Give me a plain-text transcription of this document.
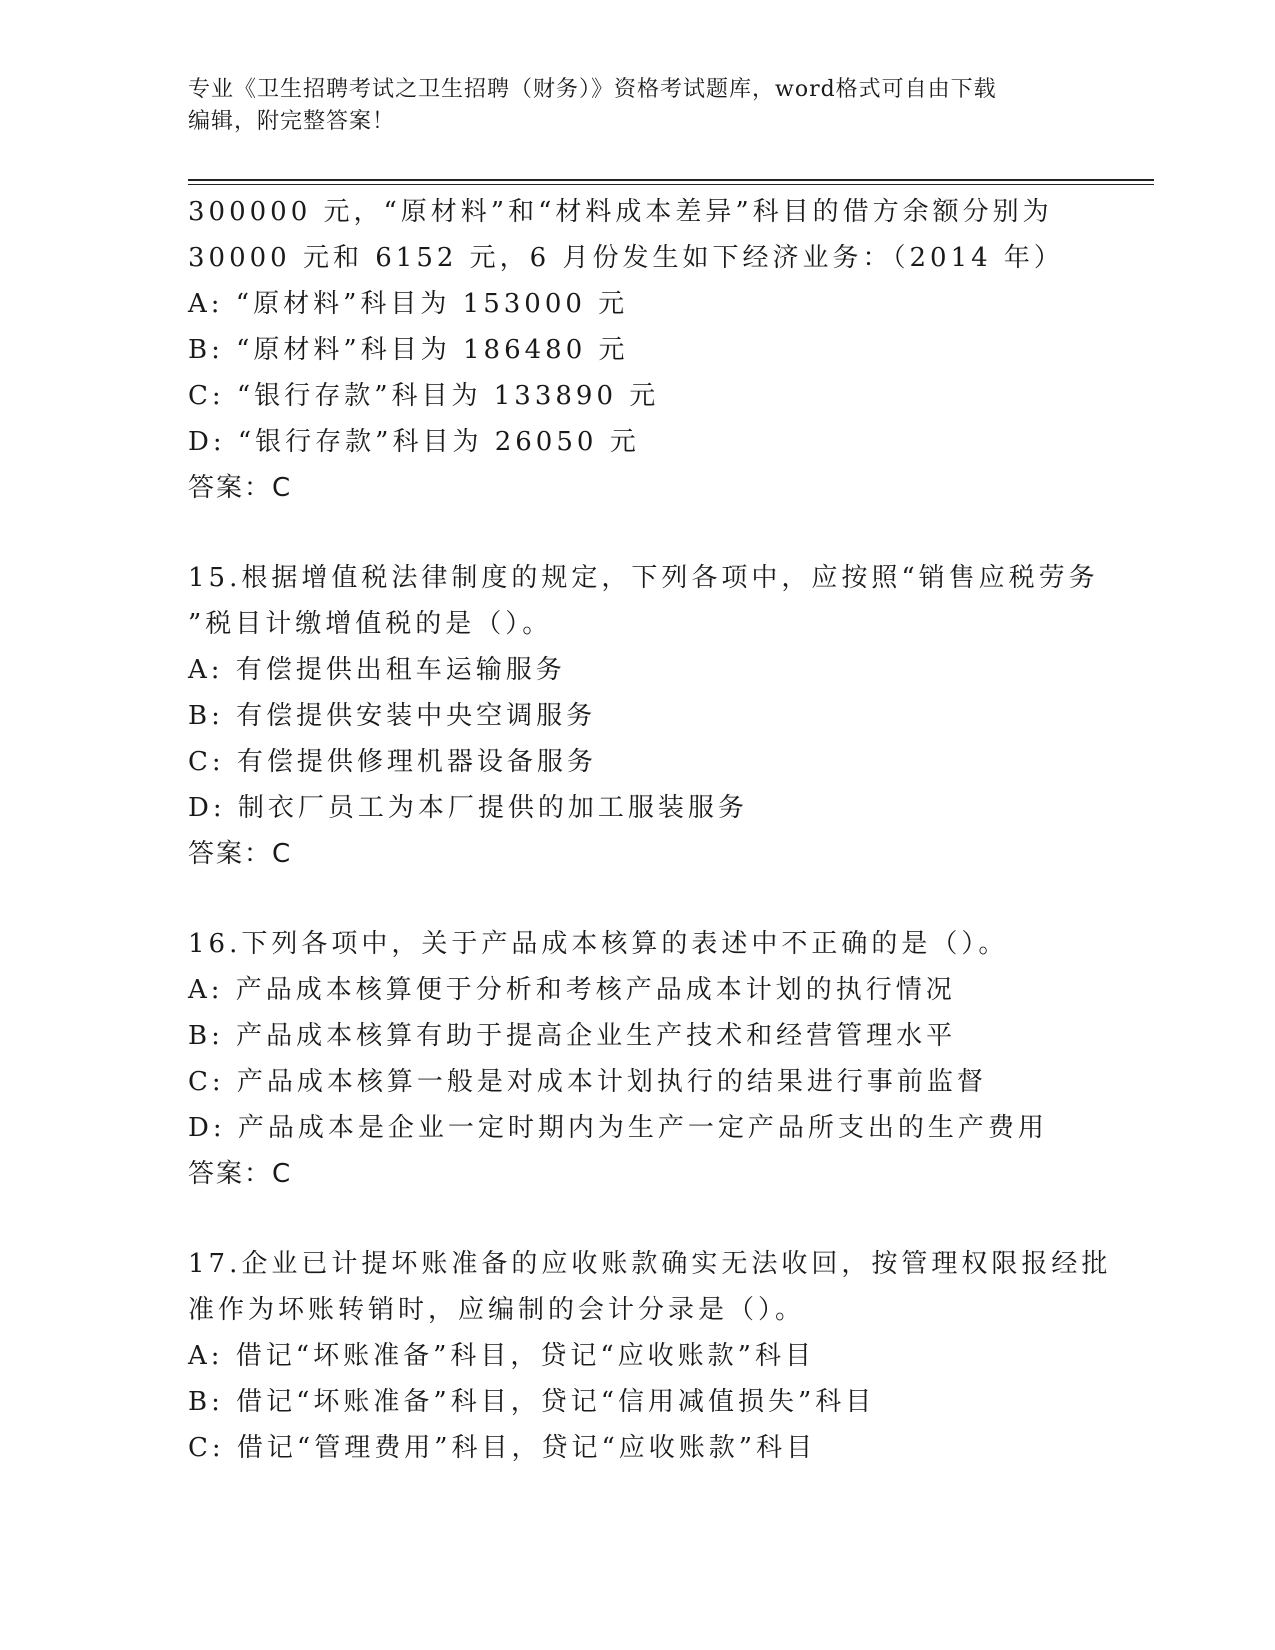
专业《卫生招聘考试之卫生招聘（财务）》资格考试题库，word格式可自由下载
编辑，附完整答案！
300000 元，“原材料”和“材料成本差异”科目的借方余额分别为
30000 元和 6152 元，6 月份发生如下经济业务：（2014 年）
A: “原材料”科目为 153000 元
B: “原材料”科目为 186480 元
C: “银行存款”科目为 133890 元
D: “银行存款”科目为 26050 元
答案：C
15.根据增值税法律制度的规定，下列各项中，应按照“销售应税劳务
”税目计缴增值税的是（）。
A: 有偿提供出租车运输服务
B: 有偿提供安装中央空调服务
C: 有偿提供修理机器设备服务
D: 制衣厂员工为本厂提供的加工服装服务
答案：C
16.下列各项中，关于产品成本核算的表述中不正确的是（）。
A: 产品成本核算便于分析和考核产品成本计划的执行情况
B: 产品成本核算有助于提高企业生产技术和经营管理水平
C: 产品成本核算一般是对成本计划执行的结果进行事前监督
D: 产品成本是企业一定时期内为生产一定产品所支出的生产费用
答案：C
17.企业已计提坏账准备的应收账款确实无法收回，按管理权限报经批
准作为坏账转销时，应编制的会计分录是（）。
A: 借记“坏账准备”科目，贷记“应收账款”科目
B: 借记“坏账准备”科目，贷记“信用减值损失”科目
C: 借记“管理费用”科目，贷记“应收账款”科目
